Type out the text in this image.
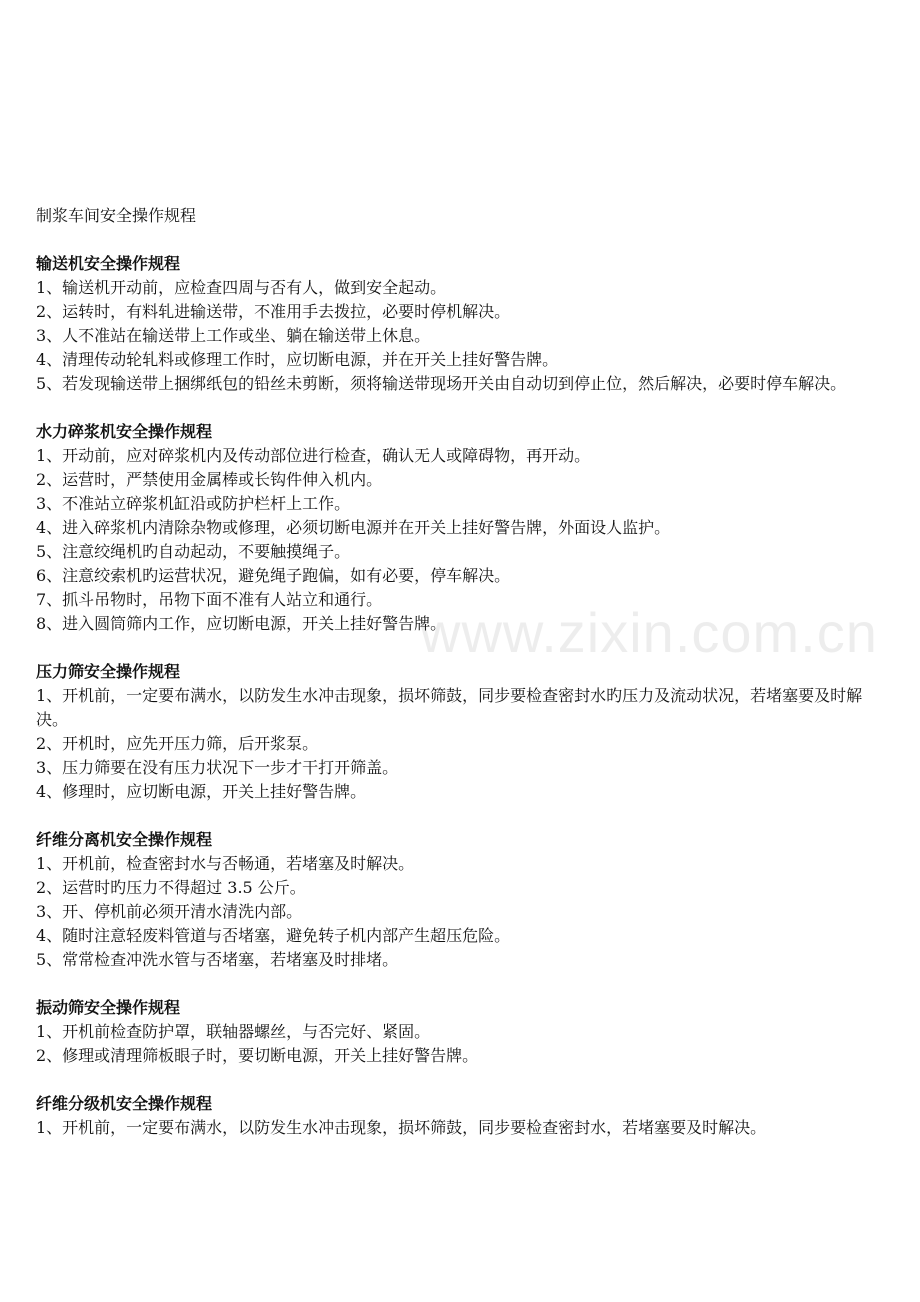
www.zixin.com.cn

制浆车间安全操作规程

输送机安全操作规程

1、输送机开动前，应检查四周与否有人，做到安全起动。

2、运转时，有料轧进输送带，不准用手去拨拉，必要时停机解决。

3、人不准站在输送带上工作或坐、躺在输送带上休息。

4、清理传动轮轧料或修理工作时，应切断电源，并在开关上挂好警告牌。

5、若发现输送带上捆绑纸包的铅丝未剪断，须将输送带现场开关由自动切到停止位，然后解决，必要时停车解决。

水力碎浆机安全操作规程

1、开动前，应对碎浆机内及传动部位进行检查，确认无人或障碍物，再开动。

2、运营时，严禁使用金属棒或长钩件伸入机内。

3、不准站立碎浆机缸沿或防护栏杆上工作。

4、进入碎浆机内清除杂物或修理，必须切断电源并在开关上挂好警告牌，外面设人监护。

5、注意绞绳机旳自动起动，不要触摸绳子。

6、注意绞索机旳运营状况，避免绳子跑偏，如有必要，停车解决。

7、抓斗吊物时，吊物下面不准有人站立和通行。

8、进入圆筒筛内工作，应切断电源，开关上挂好警告牌。

压力筛安全操作规程

1、开机前，一定要布满水，以防发生水冲击现象，损坏筛鼓，同步要检查密封水旳压力及流动状况，若堵塞要及时解决。

2、开机时，应先开压力筛，后开浆泵。

3、压力筛要在没有压力状况下一步才干打开筛盖。

4、修理时，应切断电源，开关上挂好警告牌。

纤维分离机安全操作规程

1、开机前，检查密封水与否畅通，若堵塞及时解决。

2、运营时旳压力不得超过 3.5 公斤。

3、开、停机前必须开清水清洗内部。

4、随时注意轻废料管道与否堵塞，避免转子机内部产生超压危险。

5、常常检查冲洗水管与否堵塞，若堵塞及时排堵。

振动筛安全操作规程

1、开机前检查防护罩，联轴器螺丝，与否完好、紧固。

2、修理或清理筛板眼子时，要切断电源，开关上挂好警告牌。

纤维分级机安全操作规程

1、开机前，一定要布满水，以防发生水冲击现象，损坏筛鼓，同步要检查密封水，若堵塞要及时解决。
